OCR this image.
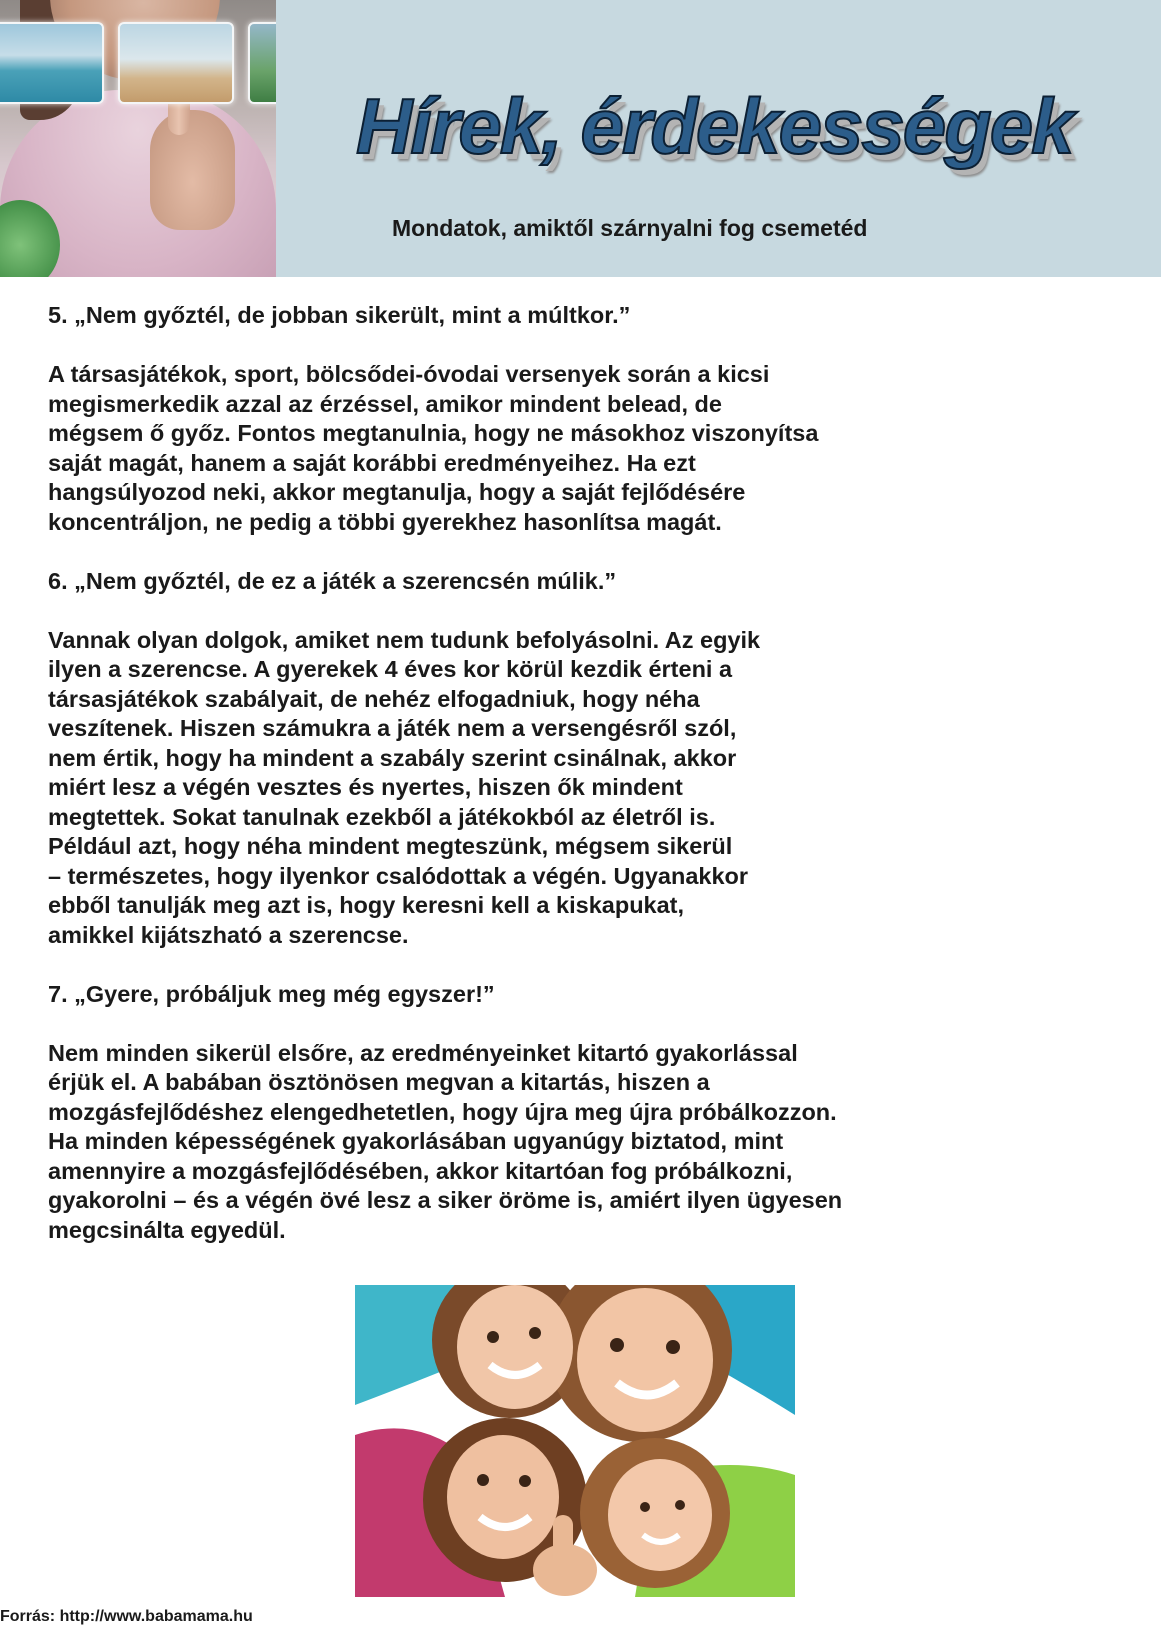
Hírek, érdekességek
Mondatok, amiktől szárnyalni fog csemetéd

5. „Nem győztél, de jobban sikerült, mint a múltkor.”

A társasjátékok, sport, bölcsődei-óvodai versenyek során a kicsi
megismerkedik azzal az érzéssel, amikor mindent belead, de
mégsem ő győz. Fontos megtanulnia, hogy ne másokhoz viszonyítsa
saját magát, hanem a saját korábbi eredményeihez. Ha ezt
hangsúlyozod neki, akkor megtanulja, hogy a saját fejlődésére
koncentráljon, ne pedig a többi gyerekhez hasonlítsa magát.

6. „Nem győztél, de ez a játék a szerencsén múlik.”

Vannak olyan dolgok, amiket nem tudunk befolyásolni. Az egyik
ilyen a szerencse. A gyerekek 4 éves kor körül kezdik érteni a
társasjátékok szabályait, de nehéz elfogadniuk, hogy néha
veszítenek. Hiszen számukra a játék nem a versengésről szól,
nem értik, hogy ha mindent a szabály szerint csinálnak, akkor
miért lesz a végén vesztes és nyertes, hiszen ők mindent
megtettek. Sokat tanulnak ezekből a játékokból az életről is.
Például azt, hogy néha mindent megteszünk, mégsem sikerül
– természetes, hogy ilyenkor csalódottak a végén. Ugyanakkor
ebből tanulják meg azt is, hogy keresni kell a kiskapukat,
amikkel kijátszható a szerencse.

7. „Gyere, próbáljuk meg még egyszer!”

Nem minden sikerül elsőre, az eredményeinket kitartó gyakorlással
érjük el. A babában ösztönösen megvan a kitartás, hiszen a
mozgásfejlődéshez elengedhetetlen, hogy újra meg újra próbálkozzon.
Ha minden képességének gyakorlásában ugyanúgy biztatod, mint
amennyire a mozgásfejlődésében, akkor kitartóan fog próbálkozni,
gyakorolni – és a végén övé lesz a siker öröme is, amiért ilyen ügyesen
megcsinálta egyedül.

Forrás: http://www.babamama.hu
